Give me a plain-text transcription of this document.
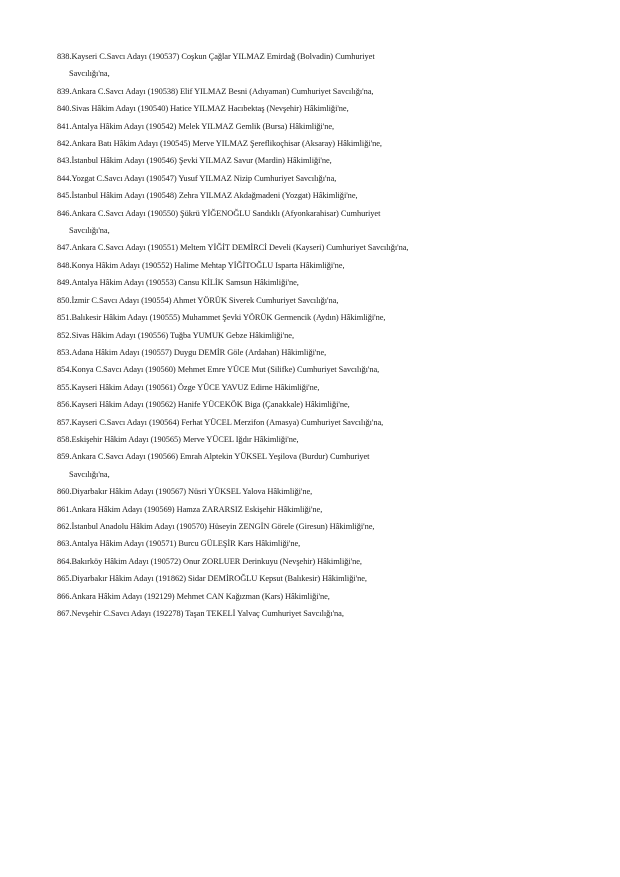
838.Kayseri C.Savcı Adayı (190537) Coşkun Çağlar YILMAZ Emirdağ (Bolvadin) Cumhuriyet
Savcılığı'na,
839.Ankara C.Savcı Adayı (190538) Elif YILMAZ Besni (Adıyaman) Cumhuriyet Savcılığı'na,
840.Sivas Hâkim Adayı (190540) Hatice YILMAZ Hacıbektaş (Nevşehir) Hâkimliği'ne,
841.Antalya Hâkim Adayı (190542) Melek YILMAZ Gemlik (Bursa) Hâkimliği'ne,
842.Ankara Batı Hâkim Adayı (190545) Merve YILMAZ Şereflikoçhisar (Aksaray) Hâkimliği'ne,
843.İstanbul Hâkim Adayı (190546) Şevki YILMAZ Savur (Mardin) Hâkimliği'ne,
844.Yozgat C.Savcı Adayı (190547) Yusuf YILMAZ Nizip Cumhuriyet Savcılığı'na,
845.İstanbul Hâkim Adayı (190548) Zehra YILMAZ Akdağmadeni (Yozgat) Hâkimliği'ne,
846.Ankara C.Savcı Adayı (190550) Şükrü YİĞENOĞLU Sandıklı (Afyonkarahisar) Cumhuriyet
Savcılığı'na,
847.Ankara C.Savcı Adayı (190551) Meltem YİĞİT DEMİRCİ Develi (Kayseri) Cumhuriyet Savcılığı'na,
848.Konya Hâkim Adayı (190552) Halime Mehtap YİĞİTOĞLU Isparta Hâkimliği'ne,
849.Antalya Hâkim Adayı (190553) Cansu KİLİK Samsun Hâkimliği'ne,
850.İzmir C.Savcı Adayı (190554) Ahmet YÖRÜK Siverek Cumhuriyet Savcılığı'na,
851.Balıkesir Hâkim Adayı (190555) Muhammet Şevki YÖRÜK Germencik (Aydın) Hâkimliği'ne,
852.Sivas Hâkim Adayı (190556) Tuğba YUMUK Gebze Hâkimliği'ne,
853.Adana Hâkim Adayı (190557) Duygu DEMİR Göle (Ardahan) Hâkimliği'ne,
854.Konya C.Savcı Adayı (190560) Mehmet Emre YÜCE Mut (Silifke) Cumhuriyet Savcılığı'na,
855.Kayseri Hâkim Adayı (190561) Özge YÜCE YAVUZ Edirne Hâkimliği'ne,
856.Kayseri Hâkim Adayı (190562) Hanife YÜCEKÖK Biga (Çanakkale) Hâkimliği'ne,
857.Kayseri C.Savcı Adayı (190564) Ferhat YÜCEL Merzifon (Amasya) Cumhuriyet Savcılığı'na,
858.Eskişehir Hâkim Adayı (190565) Merve YÜCEL Iğdır Hâkimliği'ne,
859.Ankara C.Savcı Adayı (190566) Emrah Alptekin YÜKSEL Yeşilova (Burdur) Cumhuriyet
Savcılığı'na,
860.Diyarbakır Hâkim Adayı (190567) Nüsri YÜKSEL Yalova Hâkimliği'ne,
861.Ankara Hâkim Adayı (190569) Hamza ZARARSIZ Eskişehir Hâkimliği'ne,
862.İstanbul Anadolu Hâkim Adayı (190570) Hüseyin ZENGİN Görele (Giresun) Hâkimliği'ne,
863.Antalya Hâkim Adayı (190571) Burcu GÜLEŞİR Kars Hâkimliği'ne,
864.Bakırköy Hâkim Adayı (190572) Onur ZORLUER Derinkuyu (Nevşehir) Hâkimliği'ne,
865.Diyarbakır Hâkim Adayı (191862) Sidar DEMİROĞLU Kepsut (Balıkesir) Hâkimliği'ne,
866.Ankara Hâkim Adayı (192129) Mehmet CAN Kağızman (Kars) Hâkimliği'ne,
867.Nevşehir C.Savcı Adayı (192278) Taşan TEKELİ Yalvaç Cumhuriyet Savcılığı'na,
